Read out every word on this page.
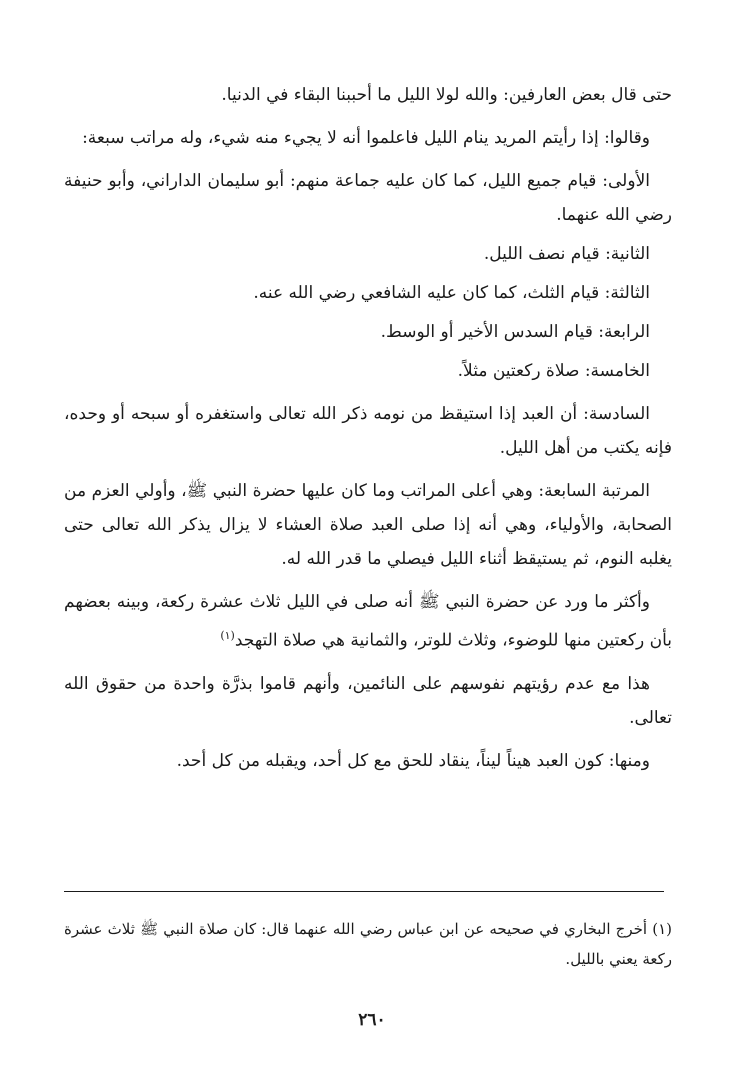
حتى قال بعض العارفين: والله لولا الليل ما أحببنا البقاء في الدنيا.

وقالوا: إذا رأيتم المريد ينام الليل فاعلموا أنه لا يجيء منه شيء، وله مراتب سبعة:

الأولى: قيام جميع الليل، كما كان عليه جماعة منهم: أبو سليمان الداراني، وأبو حنيفة رضي الله عنهما.

الثانية: قيام نصف الليل.

الثالثة: قيام الثلث، كما كان عليه الشافعي رضي الله عنه.

الرابعة: قيام السدس الأخير أو الوسط.

الخامسة: صلاة ركعتين مثلاً.

السادسة: أن العبد إذا استيقظ من نومه ذكر الله تعالى واستغفره أو سبحه أو وحده، فإنه يكتب من أهل الليل.

المرتبة السابعة: وهي أعلى المراتب وما كان عليها حضرة النبي ﷺ، وأولي العزم من الصحابة، والأولياء، وهي أنه إذا صلى العبد صلاة العشاء لا يزال يذكر الله تعالى حتى يغلبه النوم، ثم يستيقظ أثناء الليل فيصلي ما قدر الله له.

وأكثر ما ورد عن حضرة النبي ﷺ أنه صلى في الليل ثلاث عشرة ركعة، وبينه بعضهم بأن ركعتين منها للوضوء، وثلاث للوتر، والثمانية هي صلاة التهجد$^{(١)}$

هذا مع عدم رؤيتهم نفوسهم على النائمين، وأنهم قاموا بذرَّة واحدة من حقوق الله تعالى.

ومنها: كون العبد هيناً ليناً، ينقاد للحق مع كل أحد، ويقبله من كل أحد.

(١) أخرج البخاري في صحيحه عن ابن عباس رضي الله عنهما قال: كان صلاة النبي ﷺ ثلاث عشرة ركعة يعني بالليل.

٢٦٠
